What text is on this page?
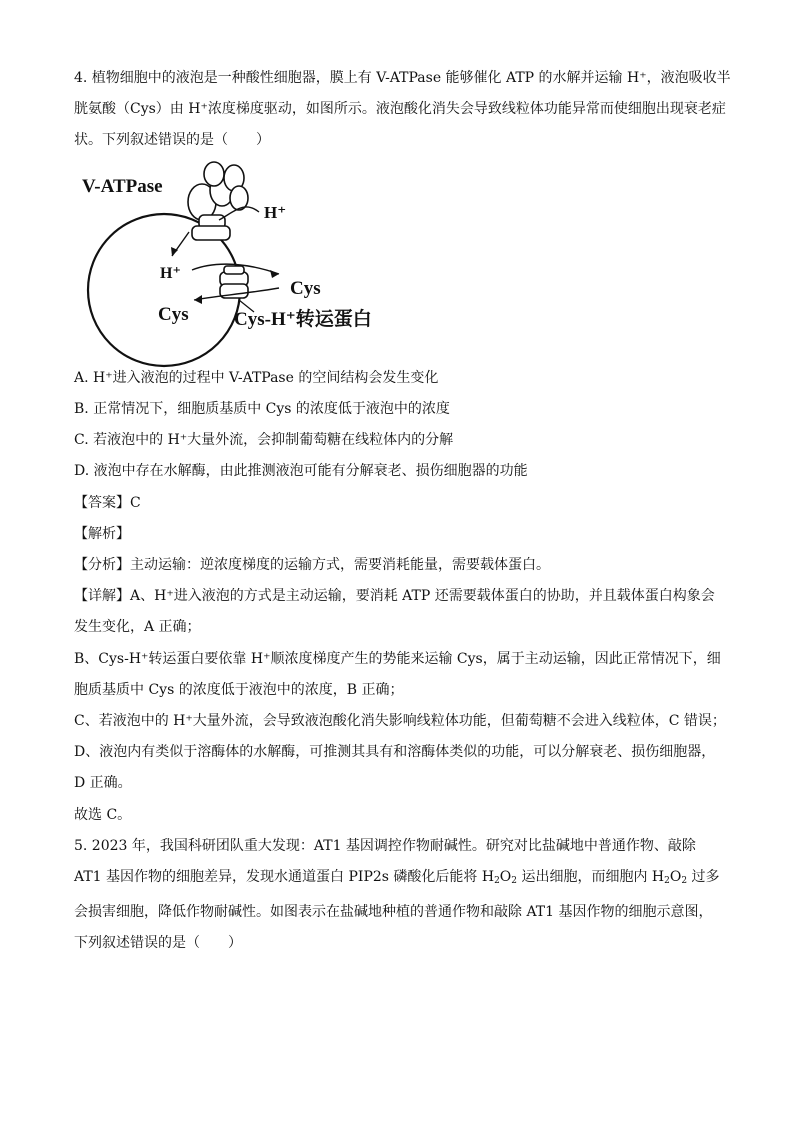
4. 植物细胞中的液泡是一种酸性细胞器，膜上有 V-ATPase 能够催化 ATP 的水解并运输 H⁺，液泡吸收半
胱氨酸（Cys）由 H⁺浓度梯度驱动，如图所示。液泡酸化消失会导致线粒体功能异常而使细胞出现衰老症
状。下列叙述错误的是（　　）
V-ATPase
H⁺
H⁺
Cys
Cys Cys-H⁺转运蛋白
A. H⁺进入液泡的过程中 V-ATPase 的空间结构会发生变化
B. 正常情况下，细胞质基质中 Cys 的浓度低于液泡中的浓度
C. 若液泡中的 H⁺大量外流，会抑制葡萄糖在线粒体内的分解
D. 液泡中存在水解酶，由此推测液泡可能有分解衰老、损伤细胞器的功能
【答案】C
【解析】
【分析】主动运输：逆浓度梯度的运输方式，需要消耗能量，需要载体蛋白。
【详解】A、H⁺进入液泡的方式是主动运输，要消耗 ATP 还需要载体蛋白的协助，并且载体蛋白构象会发生变化，A 正确；
B、Cys-H⁺转运蛋白要依靠 H⁺顺浓度梯度产生的势能来运输 Cys，属于主动运输，因此正常情况下，细胞质基质中 Cys 的浓度低于液泡中的浓度，B 正确；
C、若液泡中的 H⁺大量外流，会导致液泡酸化消失影响线粒体功能，但葡萄糖不会进入线粒体，C 错误；
D、液泡内有类似于溶酶体的水解酶，可推测其具有和溶酶体类似的功能，可以分解衰老、损伤细胞器，D 正确。
故选 C。
5. 2023 年，我国科研团队重大发现：AT1 基因调控作物耐碱性。研究对比盐碱地中普通作物、敲除 AT1 基因作物的细胞差异，发现水通道蛋白 PIP2s 磷酸化后能将 $H_2O_2$ 运出细胞，而细胞内 $H_2O_2$ 过多会损害细胞，降低作物耐碱性。如图表示在盐碱地种植的普通作物和敲除 AT1 基因作物的细胞示意图，下列叙述错误的是（　　）
